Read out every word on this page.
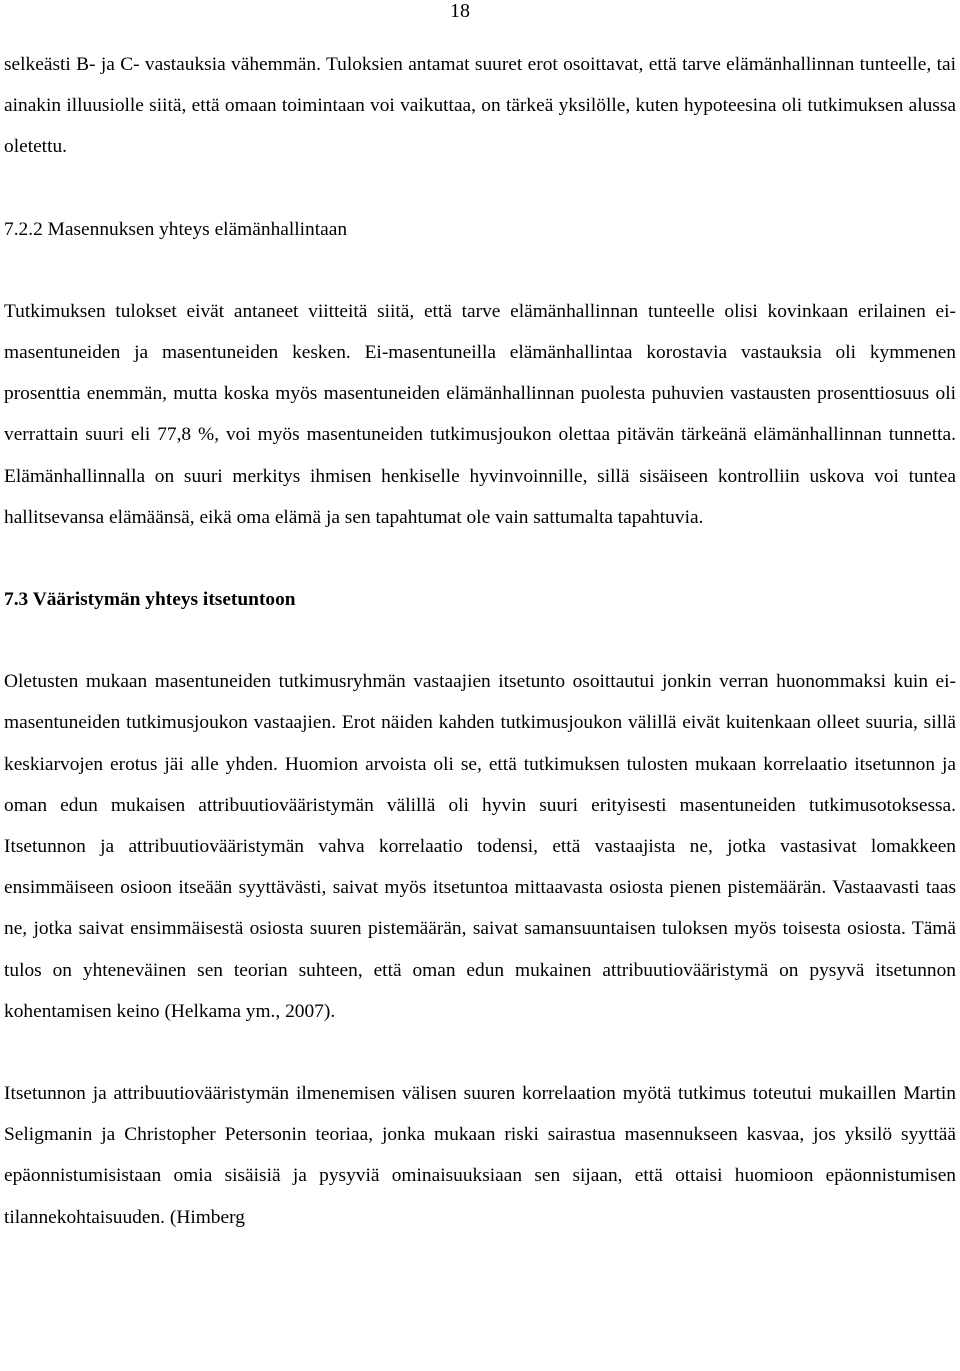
18

selkeästi B- ja C- vastauksia vähemmän. Tuloksien antamat suuret erot osoittavat, että tarve elämänhallinnan tunteelle, tai ainakin illuusiolle siitä, että omaan toimintaan voi vaikuttaa, on tärkeä yksilölle, kuten hypoteesina oli tutkimuksen alussa oletettu.

7.2.2 Masennuksen yhteys elämänhallintaan

Tutkimuksen tulokset eivät antaneet viitteitä siitä, että tarve elämänhallinnan tunteelle olisi kovinkaan erilainen ei-masentuneiden ja masentuneiden kesken. Ei-masentuneilla elämänhallintaa korostavia vastauksia oli kymmenen prosenttia enemmän, mutta koska myös masentuneiden elämänhallinnan puolesta puhuvien vastausten prosenttiosuus oli verrattain suuri eli 77,8 %, voi myös masentuneiden tutkimusjoukon olettaa pitävän tärkeänä elämänhallinnan tunnetta. Elämänhallinnalla on suuri merkitys ihmisen henkiselle hyvinvoinnille, sillä sisäiseen kontrolliin uskova voi tuntea hallitsevansa elämäänsä, eikä oma elämä ja sen tapahtumat ole vain sattumalta tapahtuvia.

7.3 Vääristymän yhteys itsetuntoon

Oletusten mukaan masentuneiden tutkimusryhmän vastaajien itsetunto osoittautui jonkin verran huonommaksi kuin ei-masentuneiden tutkimusjoukon vastaajien. Erot näiden kahden tutkimusjoukon välillä eivät kuitenkaan olleet suuria, sillä keskiarvojen erotus jäi alle yhden. Huomion arvoista oli se, että tutkimuksen tulosten mukaan korrelaatio itsetunnon ja oman edun mukaisen attribuutiovääristymän välillä oli hyvin suuri erityisesti masentuneiden tutkimusotoksessa. Itsetunnon ja attribuutiovääristymän vahva korrelaatio todensi, että vastaajista ne, jotka vastasivat lomakkeen ensimmäiseen osioon itseään syyttävästi, saivat myös itsetuntoa mittaavasta osiosta pienen pistemäärän. Vastaavasti taas ne, jotka saivat ensimmäisestä osiosta suuren pistemäärän, saivat samansuuntaisen tuloksen myös toisesta osiosta. Tämä tulos on yhteneväinen sen teorian suhteen, että oman edun mukainen attribuutiovääristymä on pysyvä itsetunnon kohentamisen keino (Helkama ym., 2007).

Itsetunnon ja attribuutiovääristymän ilmenemisen välisen suuren korrelaation myötä tutkimus toteutui mukaillen Martin Seligmanin ja Christopher Petersonin teoriaa, jonka mukaan riski sairastua masennukseen kasvaa, jos yksilö syyttää epäonnistumisistaan omia sisäisiä ja pysyviä ominaisuuksiaan sen sijaan, että ottaisi huomioon epäonnistumisen tilannekohtaisuuden. (Himberg
